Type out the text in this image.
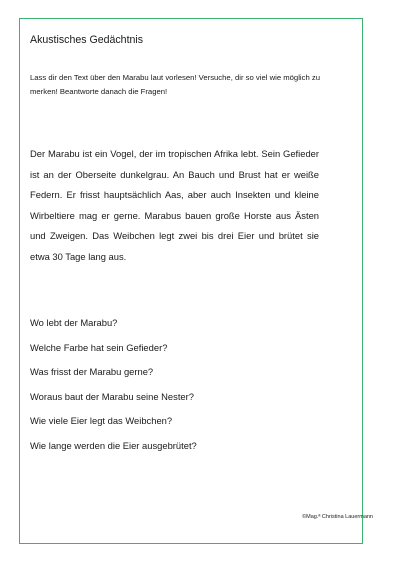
Akustisches Gedächtnis
Lass dir den Text über den Marabu laut vorlesen! Versuche, dir so viel wie möglich zu merken! Beantworte danach die Fragen!
Der Marabu ist ein Vogel, der im tropischen Afrika lebt. Sein Gefieder ist an der Oberseite dunkelgrau. An Bauch und Brust hat er weiße Federn. Er frisst hauptsächlich Aas, aber auch Insekten und kleine Wirbeltiere mag er gerne. Marabus bauen große Horste aus Ästen und Zweigen. Das Weibchen legt zwei bis drei Eier und brütet sie etwa 30 Tage lang aus.
Wo lebt der Marabu?
Welche Farbe hat sein Gefieder?
Was frisst der Marabu gerne?
Woraus baut der Marabu seine Nester?
Wie viele Eier legt das Weibchen?
Wie lange werden die Eier ausgebrütet?
©Mag.ª Christina Lauermann
